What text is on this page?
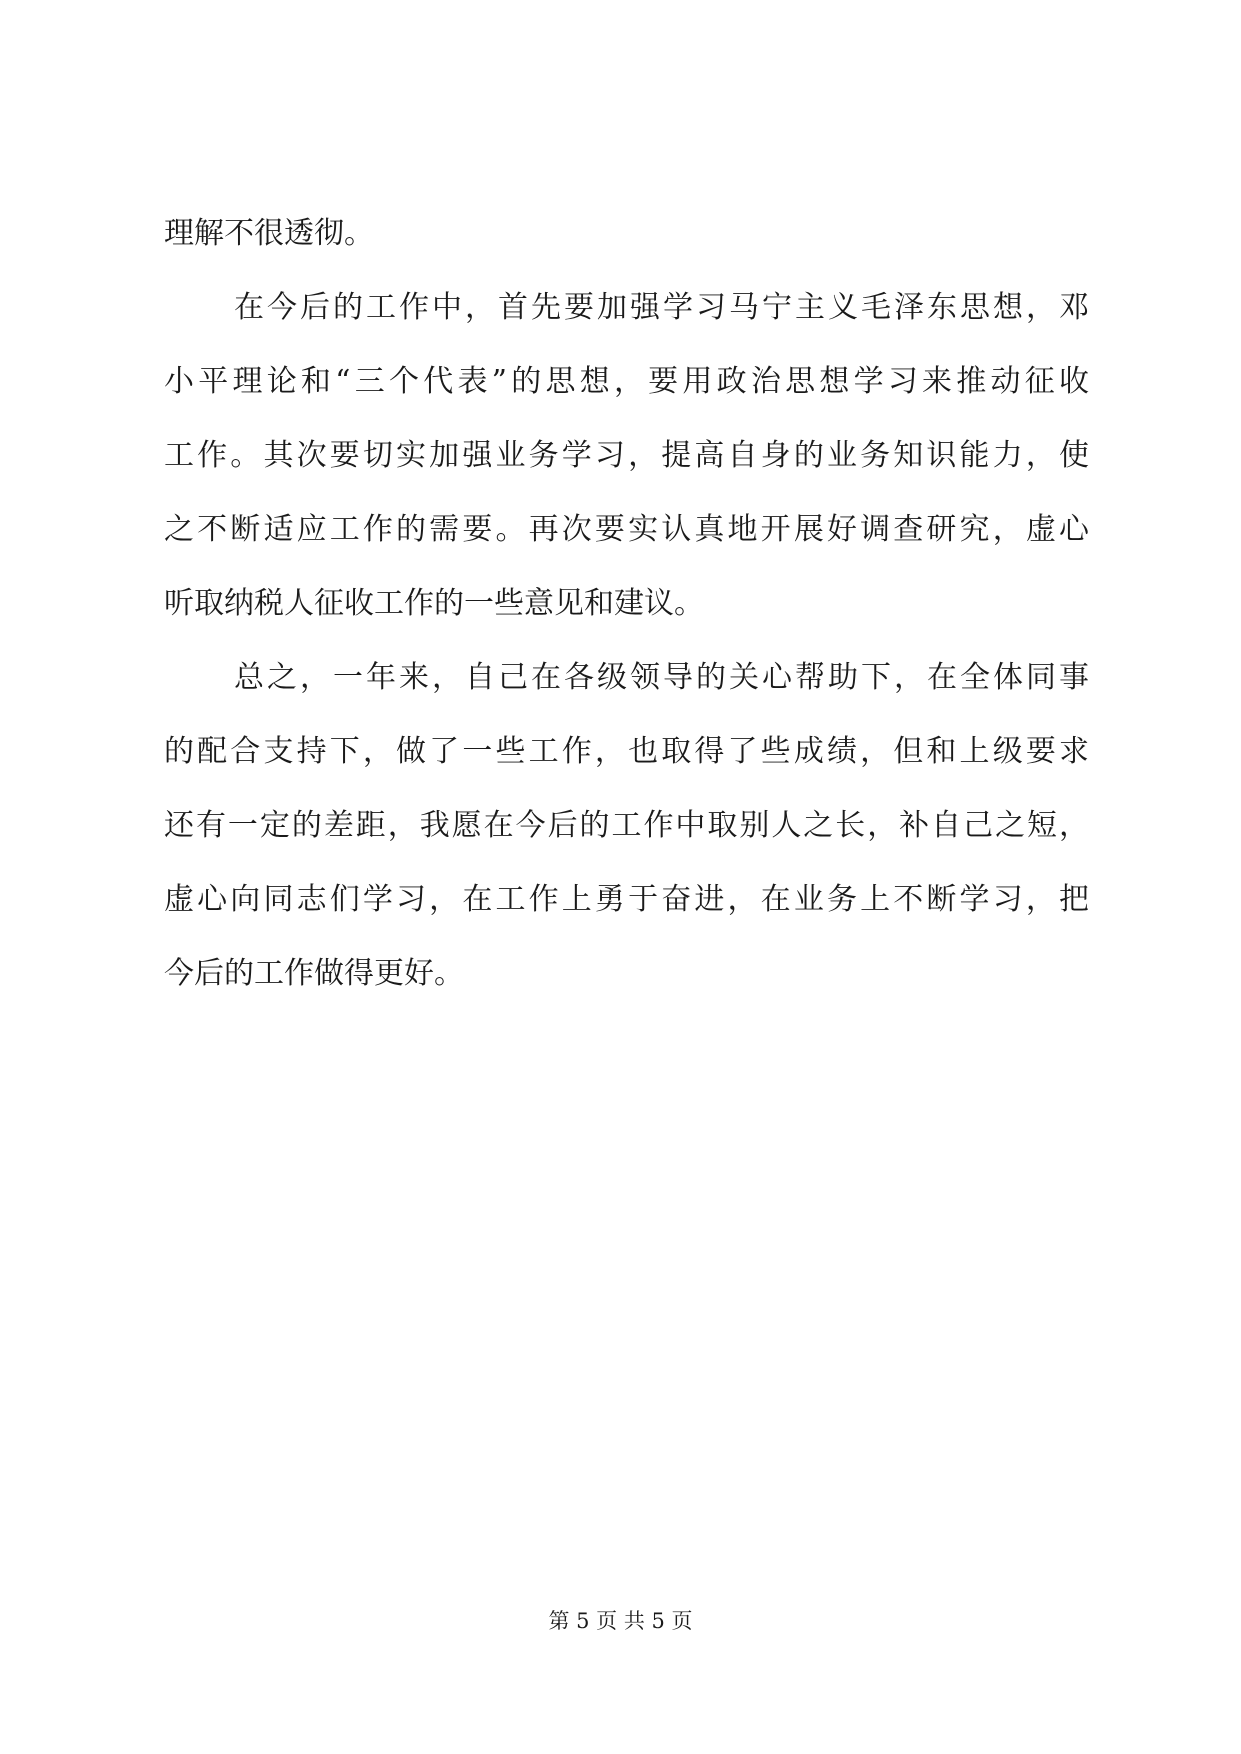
理解不很透彻。
在今后的工作中，首先要加强学习马宁主义毛泽东思想，邓
小平理论和“三个代表”的思想，要用政治思想学习来推动征收
工作。其次要切实加强业务学习，提高自身的业务知识能力，使
之不断适应工作的需要。再次要实认真地开展好调查研究，虚心
听取纳税人征收工作的一些意见和建议。
总之，一年来，自己在各级领导的关心帮助下，在全体同事
的配合支持下，做了一些工作，也取得了些成绩，但和上级要求
还有一定的差距，我愿在今后的工作中取别人之长，补自己之短，
虚心向同志们学习，在工作上勇于奋进，在业务上不断学习，把
今后的工作做得更好。
第 5 页 共 5 页
